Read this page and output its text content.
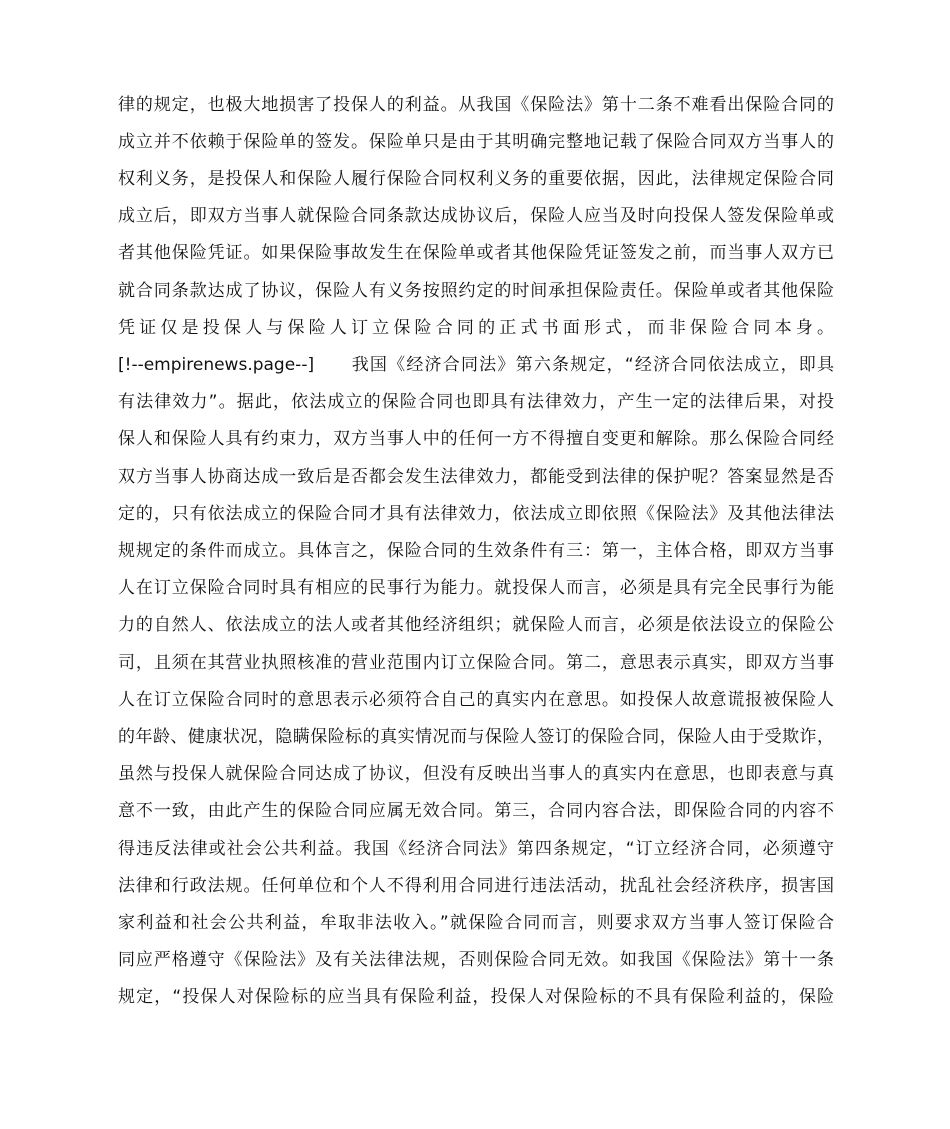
律的规定，也极大地损害了投保人的利益。从我国《保险法》第十二条不难看出保险合同的
成立并不依赖于保险单的签发。保险单只是由于其明确完整地记载了保险合同双方当事人的
权利义务，是投保人和保险人履行保险合同权利义务的重要依据，因此，法律规定保险合同
成立后，即双方当事人就保险合同条款达成协议后，保险人应当及时向投保人签发保险单或
者其他保险凭证。如果保险事故发生在保险单或者其他保险凭证签发之前，而当事人双方已
就合同条款达成了协议，保险人有义务按照约定的时间承担保险责任。保险单或者其他保险
凭证仅是投保人与保险人订立保险合同的正式书面形式，而非保险合同本身。
[!--empirenews.page--]　　我国《经济合同法》第六条规定，“经济合同依法成立，即具
有法律效力”。据此，依法成立的保险合同也即具有法律效力，产生一定的法律后果，对投
保人和保险人具有约束力，双方当事人中的任何一方不得擅自变更和解除。那么保险合同经
双方当事人协商达成一致后是否都会发生法律效力，都能受到法律的保护呢？答案显然是否
定的，只有依法成立的保险合同才具有法律效力，依法成立即依照《保险法》及其他法律法
规规定的条件而成立。具体言之，保险合同的生效条件有三：第一，主体合格，即双方当事
人在订立保险合同时具有相应的民事行为能力。就投保人而言，必须是具有完全民事行为能
力的自然人、依法成立的法人或者其他经济组织；就保险人而言，必须是依法设立的保险公
司，且须在其营业执照核准的营业范围内订立保险合同。第二，意思表示真实，即双方当事
人在订立保险合同时的意思表示必须符合自己的真实内在意思。如投保人故意谎报被保险人
的年龄、健康状况，隐瞒保险标的真实情况而与保险人签订的保险合同，保险人由于受欺诈，
虽然与投保人就保险合同达成了协议，但没有反映出当事人的真实内在意思，也即表意与真
意不一致，由此产生的保险合同应属无效合同。第三，合同内容合法，即保险合同的内容不
得违反法律或社会公共利益。我国《经济合同法》第四条规定，“订立经济合同，必须遵守
法律和行政法规。任何单位和个人不得利用合同进行违法活动，扰乱社会经济秩序，损害国
家利益和社会公共利益，牟取非法收入。”就保险合同而言，则要求双方当事人签订保险合
同应严格遵守《保险法》及有关法律法规，否则保险合同无效。如我国《保险法》第十一条
规定，“投保人对保险标的应当具有保险利益，投保人对保险标的不具有保险利益的，保险
